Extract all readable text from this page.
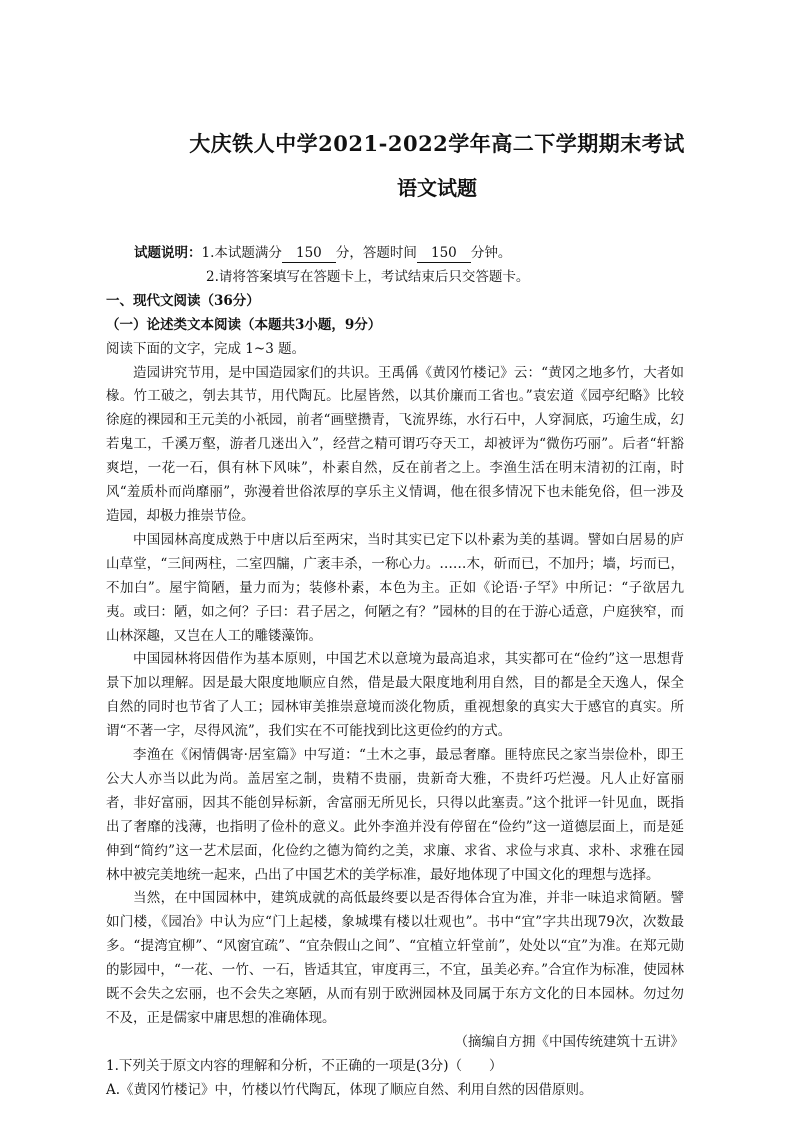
大庆铁人中学2021-2022学年高二下学期期末考试
语文试题
试题说明：1.本试题满分 150 分，答题时间 150 分钟。
2.请将答案填写在答题卡上，考试结束后只交答题卡。
一、现代文阅读（36分）
（一）论述类文本阅读（本题共3小题，9分）
阅读下面的文字，完成 1~3 题。

造园讲究节用，是中国造园家们的共识。王禹偁《黄冈竹楼记》云：“黄冈之地多竹，大者如椽。竹工破之，刳去其节，用代陶瓦。比屋皆然，以其价廉而工省也。”袁宏道《园亭纪略》比较徐庭的裸园和王元美的小祇园，前者“画壁攒青，飞流界练，水行石中，人穿洞底，巧逾生成，幻若鬼工，千溪万壑，游者几迷出入”，经营之精可谓巧夺天工，却被评为“微伤巧丽”。后者“轩豁爽垲，一花一石，俱有林下风味”，朴素自然，反在前者之上。李渔生活在明末清初的江南，时风“羞质朴而尚靡丽”，弥漫着世俗浓厚的享乐主义情调，他在很多情况下也未能免俗，但一涉及造园，却极力推崇节俭。

中国园林高度成熟于中唐以后至两宋，当时其实已定下以朴素为美的基调。譬如白居易的庐山草堂，“三间两柱，二室四牖，广袤丰杀，一称心力。……木，斫而已，不加丹；墙，圬而已，不加白”。屋宇简陋，量力而为；装修朴素，本色为主。正如《论语·子罕》中所记：“子欲居九夷。或曰：陋，如之何？子曰：君子居之，何陋之有？”园林的目的在于游心适意，户庭狭窄，而山林深趣，又岂在人工的雕镂藻饰。

中国园林将因借作为基本原则，中国艺术以意境为最高追求，其实都可在“俭约”这一思想背景下加以理解。因是最大限度地顺应自然，借是最大限度地利用自然，目的都是全天逸人，保全自然的同时也节省了人工；园林审美推崇意境而淡化物质，重视想象的真实大于感官的真实。所谓“不著一字，尽得风流”，我们实在不可能找到比这更俭约的方式。

李渔在《闲情偶寄·居室篇》中写道：“土木之事，最忌奢靡。匪特庶民之家当崇俭朴，即王公大人亦当以此为尚。盖居室之制，贵精不贵丽，贵新奇大雅，不贵纤巧烂漫。凡人止好富丽者，非好富丽，因其不能创异标新，舍富丽无所见长，只得以此塞责。”这个批评一针见血，既指出了奢靡的浅薄，也指明了俭朴的意义。此外李渔并没有停留在“俭约”这一道德层面上，而是延伸到“简约”这一艺术层面，化俭约之德为简约之美，求廉、求省、求俭与求真、求朴、求雅在园林中被完美地统一起来，凸出了中国艺术的美学标准，最好地体现了中国文化的理想与选择。

当然，在中国园林中，建筑成就的高低最终要以是否得体合宜为准，并非一味追求简陋。譬如门楼，《园冶》中认为应“门上起楼，象城堞有楼以壮观也”。书中“宜”字共出现79次，次数最多。“提湾宜柳”、“风窗宜疏”、“宜杂假山之间”、“宜植立轩堂前”，处处以“宜”为准。在郑元勋的影园中，“一花、一竹、一石，皆适其宜，审度再三，不宜，虽美必弃。”合宜作为标准，使园林既不会失之宏丽，也不会失之寒陋，从而有别于欧洲园林及同属于东方文化的日本园林。勿过勿不及，正是儒家中庸思想的准确体现。

（摘编自方拥《中国传统建筑十五讲》
1.下列关于原文内容的理解和分析，不正确的一项是(3分)（　　）
A.《黄冈竹楼记》中，竹楼以竹代陶瓦，体现了顺应自然、利用自然的因借原则。
